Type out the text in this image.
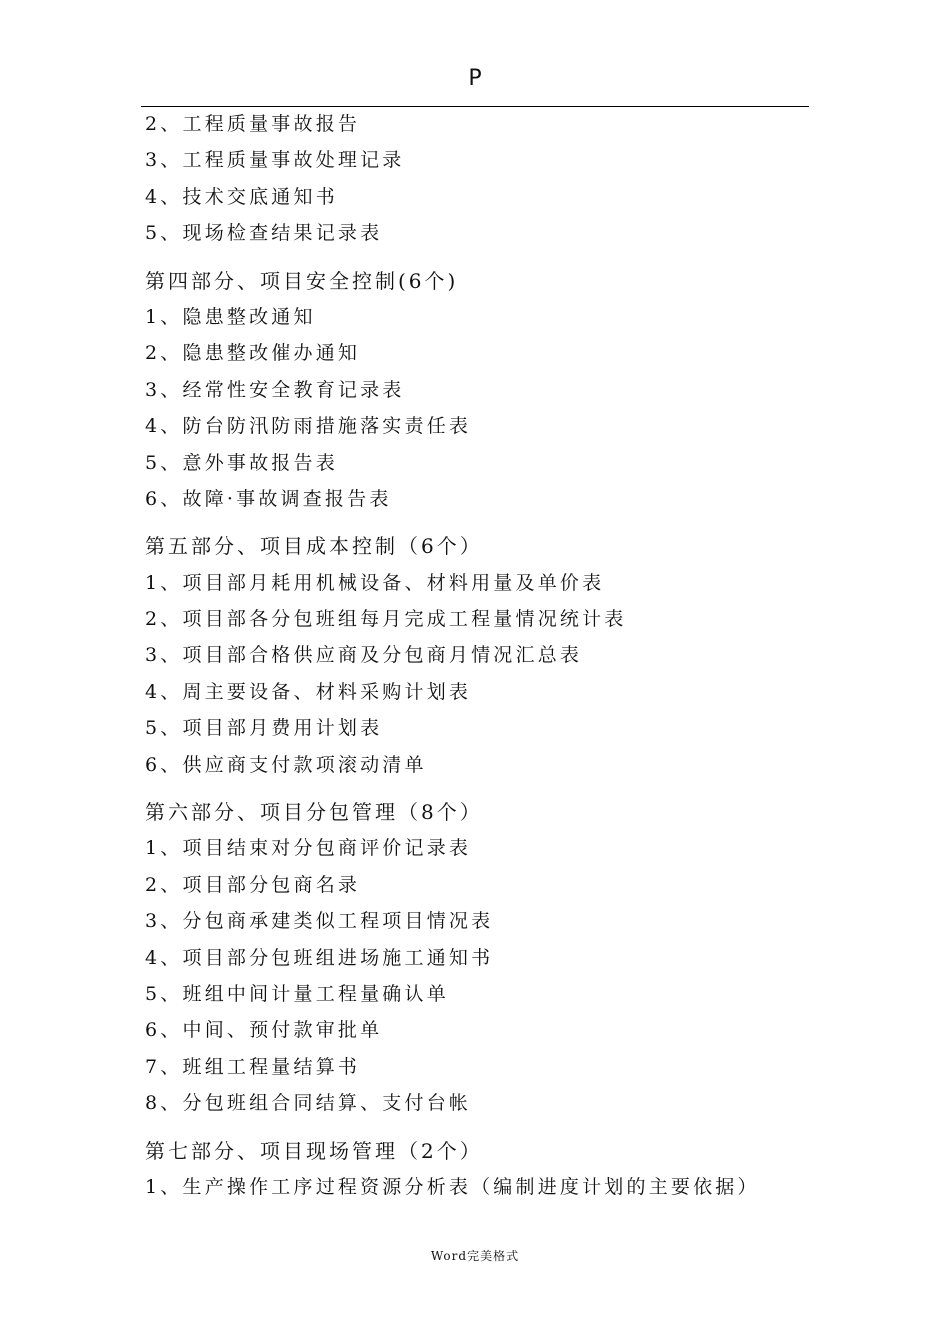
P
2、工程质量事故报告
3、工程质量事故处理记录
4、技术交底通知书
5、现场检查结果记录表
第四部分、项目安全控制(6个)
1、隐患整改通知
2、隐患整改催办通知
3、经常性安全教育记录表
4、防台防汛防雨措施落实责任表
5、意外事故报告表
6、故障·事故调查报告表
第五部分、项目成本控制（6个）
1、项目部月耗用机械设备、材料用量及单价表
2、项目部各分包班组每月完成工程量情况统计表
3、项目部合格供应商及分包商月情况汇总表
4、周主要设备、材料采购计划表
5、项目部月费用计划表
6、供应商支付款项滚动清单
第六部分、项目分包管理（8个）
1、项目结束对分包商评价记录表
2、项目部分包商名录
3、分包商承建类似工程项目情况表
4、项目部分包班组进场施工通知书
5、班组中间计量工程量确认单
6、中间、预付款审批单
7、班组工程量结算书
8、分包班组合同结算、支付台帐
第七部分、项目现场管理（2个）
1、生产操作工序过程资源分析表（编制进度计划的主要依据）
Word完美格式
